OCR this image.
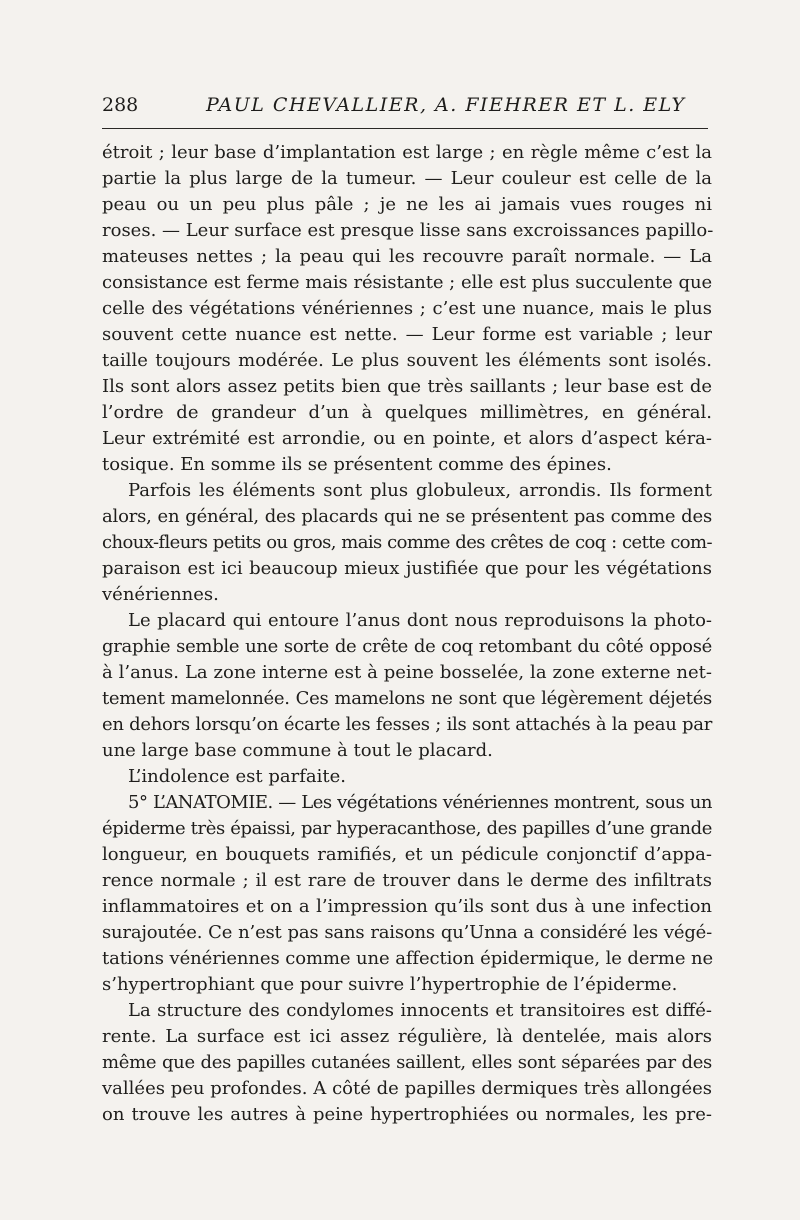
288	PAUL CHEVALLIER, A. FIEHRER ET L. ELY
étroit ; leur base d’implantation est large ; en règle même c’est la
partie la plus large de la tumeur. — Leur couleur est celle de la
peau ou un peu plus pâle ; je ne les ai jamais vues rouges ni
roses. — Leur surface est presque lisse sans excroissances papillo-
mateuses nettes ; la peau qui les recouvre paraît normale. — La
consistance est ferme mais résistante ; elle est plus succulente que
celle des végétations vénériennes ; c’est une nuance, mais le plus
souvent cette nuance est nette. — Leur forme est variable ; leur
taille toujours modérée. Le plus souvent les éléments sont isolés.
Ils sont alors assez petits bien que très saillants ; leur base est de
l’ordre de grandeur d’un à quelques millimètres, en général.
Leur extrémité est arrondie, ou en pointe, et alors d’aspect kéra-
tosique. En somme ils se présentent comme des épines.
Parfois les éléments sont plus globuleux, arrondis. Ils forment
alors, en général, des placards qui ne se présentent pas comme des
choux-fleurs petits ou gros, mais comme des crêtes de coq : cette com-
paraison est ici beaucoup mieux justifiée que pour les végétations
vénériennes.
Le placard qui entoure l’anus dont nous reproduisons la photo-
graphie semble une sorte de crête de coq retombant du côté opposé
à l’anus. La zone interne est à peine bosselée, la zone externe net-
tement mamelonnée. Ces mamelons ne sont que légèrement déjetés
en dehors lorsqu’on écarte les fesses ; ils sont attachés à la peau par
une large base commune à tout le placard.
L’indolence est parfaite.
5° L’ANATOMIE. — Les végétations vénériennes montrent, sous un
épiderme très épaissi, par hyperacanthose, des papilles d’une grande
longueur, en bouquets ramifiés, et un pédicule conjonctif d’appa-
rence normale ; il est rare de trouver dans le derme des infiltrats
inflammatoires et on a l’impression qu’ils sont dus à une infection
surajoutée. Ce n’est pas sans raisons qu’Unna a considéré les végé-
tations vénériennes comme une affection épidermique, le derme ne
s’hypertrophiant que pour suivre l’hypertrophie de l’épiderme.
La structure des condylomes innocents et transitoires est diffé-
rente. La surface est ici assez régulière, là dentelée, mais alors
même que des papilles cutanées saillent, elles sont séparées par des
vallées peu profondes. A côté de papilles dermiques très allongées
on trouve les autres à peine hypertrophiées ou normales, les pre-
